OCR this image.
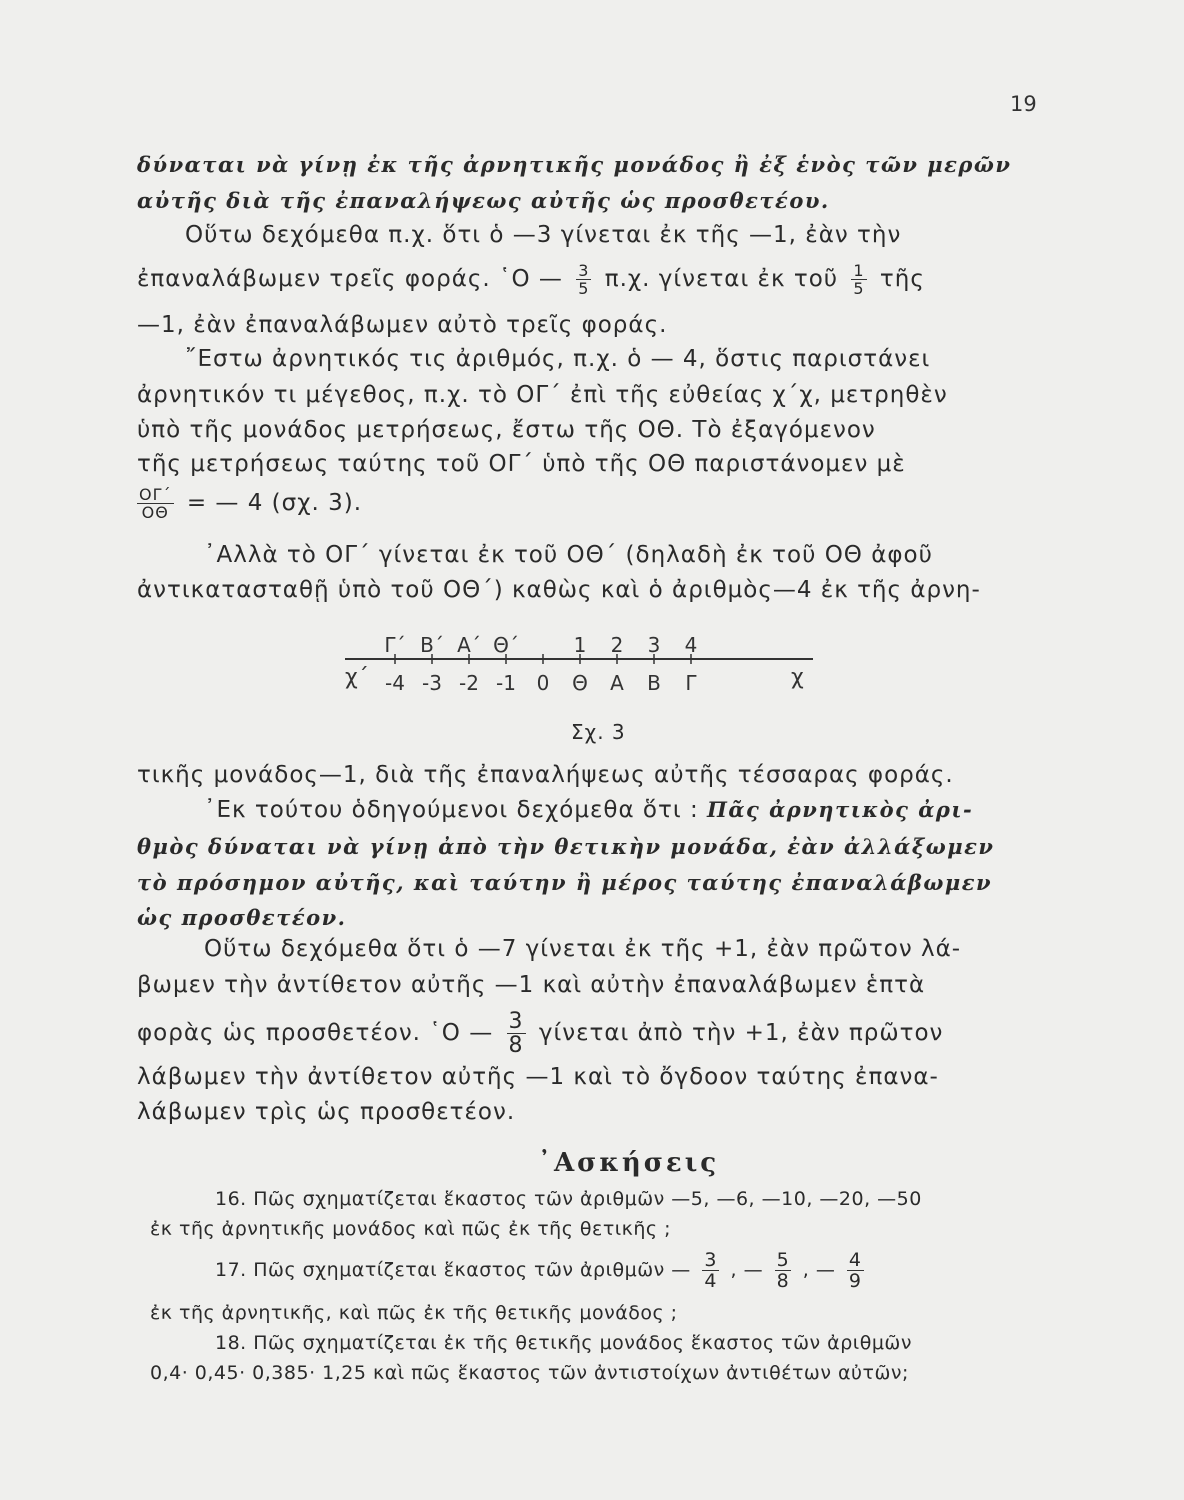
19
δύναται νὰ γίνῃ ἐκ τῆς ἀρνητικῆς μονάδος ἢ ἐξ ἑνὸς τῶν μερῶν
αὐτῆς διὰ τῆς ἐπαναλήψεως αὐτῆς ὡς προσθετέου.
Οὕτω δεχόμεθα π.χ. ὅτι ὁ —3 γίνεται ἐκ τῆς —1, ἐὰν τὴν
ἐπαναλάβωμεν τρεῖς φοράς. ῾Ο — $\frac{3}{5} \pi.\chi$. γίνεται ἐκ τοῦ $\frac{1}{5}$ τῆς
—1, ἐὰν ἐπαναλάβωμεν αὐτὸ τρεῖς φοράς.
῎Εστω ἀρνητικός τις ἀριθμός, π.χ. ὁ — 4, ὅστις παριστάνει
ἀρνητικόν τι μέγεθος, π.χ. τὸ ΟΓ΄ ἐπὶ τῆς εὐθείας χ΄χ, μετρηθὲν
ὑπὸ τῆς μονάδος μετρήσεως, ἔστω τῆς ΟΘ. Τὸ ἐξαγόμενον
τῆς μετρήσεως ταύτης τοῦ ΟΓ΄ ὑπὸ τῆς ΟΘ παριστάνομεν μὲ
$\frac{O\Gamma΄}{O\Theta}$ = — 4 (σχ. 3).
᾿Αλλὰ τὸ ΟΓ΄ γίνεται ἐκ τοῦ ΟΘ΄ (δηλαδὴ ἐκ τοῦ ΟΘ ἀφοῦ
ἀντικατασταθῇ ὑπὸ τοῦ ΟΘ΄) καθὼς καὶ ὁ ἀριθμὸς—4 ἐκ τῆς ἀρνη-
Γ΄ Β΄ Α΄ Θ΄	1 2 3 4
-4 -3 -2 -1 0 Θ Α Β Γ
χ΄	χ
Σχ. 3
τικῆς μονάδος—1, διὰ τῆς ἐπαναλήψεως αὐτῆς τέσσαρας φοράς.
᾿Εκ τούτου ὁδηγούμενοι δεχόμεθα ὅτι : Πᾶς ἀρνητικὸς ἀρι-
θμὸς δύναται νὰ γίνῃ ἀπὸ τὴν θετικὴν μονάδα, ἐὰν ἀλλάξωμεν
τὸ πρόσημον αὐτῆς, καὶ ταύτην ἢ μέρος ταύτης ἐπαναλάβωμεν
ὡς προσθετέον.
Οὕτω δεχόμεθα ὅτι ὁ —7 γίνεται ἐκ τῆς +1, ἐὰν πρῶτον λά-
βωμεν τὴν ἀντίθετον αὐτῆς —1 καὶ αὐτὴν ἐπαναλάβωμεν ἑπτὰ
φορὰς ὡς προσθετέον. ῾Ο — $\frac{3}{8}$ γίνεται ἀπὸ τὴν +1, ἐὰν πρῶτον
λάβωμεν τὴν ἀντίθετον αὐτῆς —1 καὶ τὸ ὄγδοον ταύτης ἐπανα-
λάβωμεν τρὶς ὡς προσθετέον.
᾿Ασκήσεις
16. Πῶς σχηματίζεται ἕκαστος τῶν ἀριθμῶν —5, —6, —10, —20, —50
ἐκ τῆς ἀρνητικῆς μονάδος καὶ πῶς ἐκ τῆς θετικῆς ;
17. Πῶς σχηματίζεται ἕκαστος τῶν ἀριθμῶν — $\frac{3}{4}$ , — $\frac{5}{8}$ , — $\frac{4}{9}$
ἐκ τῆς ἀρνητικῆς, καὶ πῶς ἐκ τῆς θετικῆς μονάδος ;
18. Πῶς σχηματίζεται ἐκ τῆς θετικῆς μονάδος ἕκαστος τῶν ἀριθμῶν
0,4· 0,45· 0,385· 1,25 καὶ πῶς ἕκαστος τῶν ἀντιστοίχων ἀντιθέτων αὐτῶν;
